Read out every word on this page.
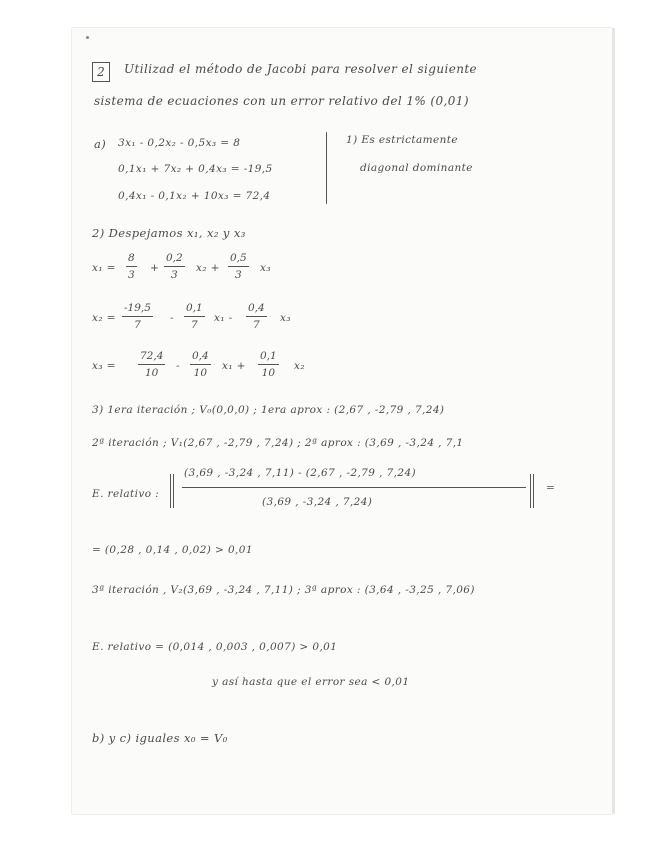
2 Utilizad el método de Jacobi para resolver el siguiente
sistema de ecuaciones con un error relativo del 1% (0,01)
a) 3x₁ - 0,2x₂ - 0,5x₃ = 8
0,1x₁ + 7x₂ + 0,4x₃ = -19,5
0,4x₁ - 0,1x₂ + 10x₃ = 72,4
1) Es estrictamente
diagonal dominante
2) Despejamos x₁, x₂ y x₃
$x_1 = \frac{8}{3} + \frac{0,2}{3} x_2 + \frac{0,5}{3} x_3$
$x_2 = \frac{-19,5}{7} - \frac{0,1}{7} x_1 - \frac{0,4}{7} x_3$
$x_3 = \frac{72,4}{10} - \frac{0,4}{10} x_1 + \frac{0,1}{10} x_2$
3) 1era iteración ; V₀(0,0,0) ; 1era aprox : (2,67 , -2,79 , 7,24)
2ª iteración ; V₁(2,67 , -2,79 , 7,24) ; 2ª aprox : (3,69 , -3,24 , 7,1
E. relativo :
(3,69 , -3,24 , 7,11) - (2,67 , -2,79 , 7,24)
(3,69 , -3,24 , 7,24)
=
= (0,28 , 0,14 , 0,02) > 0,01
3ª iteración , V₂(3,69 , -3,24 , 7,11) ; 3ª aprox : (3,64 , -3,25 , 7,06)
E. relativo = (0,014 , 0,003 , 0,007) > 0,01
y así hasta que el error sea < 0,01
b) y c) iguales x₀ = V₀
